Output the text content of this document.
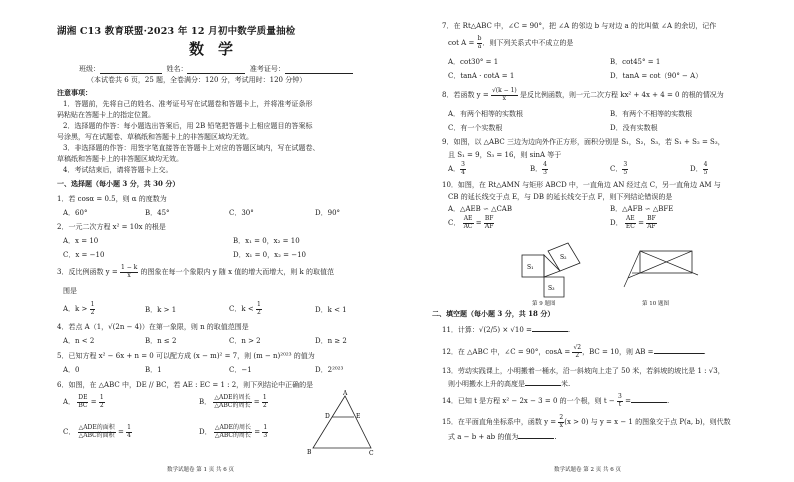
湖湘 C13 教育联盟·2023 年 12 月初中数学质量抽检
数学
班级：	姓名：	准考证号：
（本试卷共 6 页，25 题，全卷满分：120 分，考试用时：120 分钟）
注意事项：
1．答题前，先将自己的姓名、准考证号写在试题卷和答题卡上，并将准考证条形
码粘贴在答题卡上的指定位置。
2．选择题的作答：每小题选出答案后，用 2B 铅笔把答题卡上相应题目的答案标
号涂黑，写在试题卷、草稿纸和答题卡上的非答题区域均无效。
3．非选择题的作答：用签字笔直接答在答题卡上对应的答题区域内，写在试题卷、
草稿纸和答题卡上的非答题区域均无效。
4．考试结束后，请将答题卡上交。
一、选择题（每小题 3 分，共 30 分）
1．若 cosα = 0.5，则 α 的度数为
A．60°	B．45°	C．30°	D．90°
2．一元二次方程 x² = 10x 的根是
A．x = 10	B．x₁ = 0，x₂ = 10
C．x = −10	D．x₁ = 0，x₂ = −10
3．反比例函数 $y = \frac{1 - k}{x}$ 的图象在每一个象限内 y 随 x 值的增大而增大，则 k 的取值范
围是
A．$k > \frac{1}{2}$	B．k > 1	C．$k < \frac{1}{2}$	D．k < 1
4．若点 A（1，√(2n − 4)）在第一象限，则 n 的取值范围是
A．n < 2	B．n ≤ 2	C．n > 2	D．n ≥ 2
5．已知方程 x² − 6x + n = 0 可以配方成 (x − m)² = 7，则 (m − n)²⁰²³ 的值为
A．0	B．1	C．−1	D．2²⁰²³
6．如图，在 △ABC 中，DE // BC，若 AE : EC = 1 : 2，则下列结论中正确的是
A． $\frac{DE}{BC} = \frac{1}{2}$	B． $\frac{\text{△ADE的周长}}{\text{△ABC的周长}} = \frac{1}{2}$
C． $\frac{\text{△ADE的面积}}{\text{△ABC的面积}} = \frac{1}{4}$	D． $\frac{\text{△ADE的周长}}{\text{△ABC的周长}} = \frac{1}{3}$
A
D	E
B	C
数学试题卷 第 1 页 共 6 页
7．在 Rt△ABC 中，∠C = 90°，把 ∠A 的邻边 b 与对边 a 的比叫做 ∠A 的余切，记作
$\cot A = \frac{b}{a}$ ．则下列关系式中不成立的是
A．cot30° = 1	B．cot45° = 1
C．tanA · cotA = 1	D．tanA = cot（90° − A）
8．若函数 $y = \frac{√(k - 1)}{x}$ 是反比例函数，则一元二次方程 kx² + 4x + 4 = 0 的根的情况为
A．有两个相等的实数根	B．有两个不相等的实数根
C．有一个实数根	D．没有实数根
9．如图，以 △ABC 三边为边向外作正方形，面积分别是 S₁，S₂，S₃，若 S₁ + S₂ = S₃，
且 S₁ = 9，S₃ = 16，则 sinA 等于
A． $\frac{3}{4}$	B． $\frac{4}{3}$	C． $\frac{3}{5}$	D． $\frac{4}{5}$
10．如图，在 Rt△AMN 与矩形 ABCD 中，一直角边 AN 经过点 C，另一直角边 AM 与
CB 的延长线交于点 E，与 DB 的延长线交于点 F，则下列结论错误的是
A．△AEB ∽ △CAB	B．△AFB ∽ △BFE
C． $\frac{AE}{AC} = \frac{BF}{AF}$	D． $\frac{AE}{EC} = \frac{BF}{AF}$
S₁
S₂
S₃
第 9 题图	第 10 题图
二、填空题（每小题 3 分，共 18 分）
11．计算：√(2/5) × √10 =	.
12．在 △ABC 中，∠C = 90°，$\cos A = \frac{√2}{2}$ ，BC = 10，则 AB =	.
13．劳动实践课上，小明搬着一桶水，沿一斜坡向上走了 50 米，若斜坡的坡比是 1 : √3，
则小明搬水上升的高度是	米.
14．已知 t 是方程 x² − 2x − 3 = 0 的一个根，则 $t - \frac{3}{t}$ =	.
15．在平面直角坐标系中，函数 $y = \frac{2}{x} (x > 0)$ 与 y = x − 1 的图象交于点 P(a, b)，则代数
式 a − b + ab 的值为	.
数学试题卷 第 2 页 共 6 页
